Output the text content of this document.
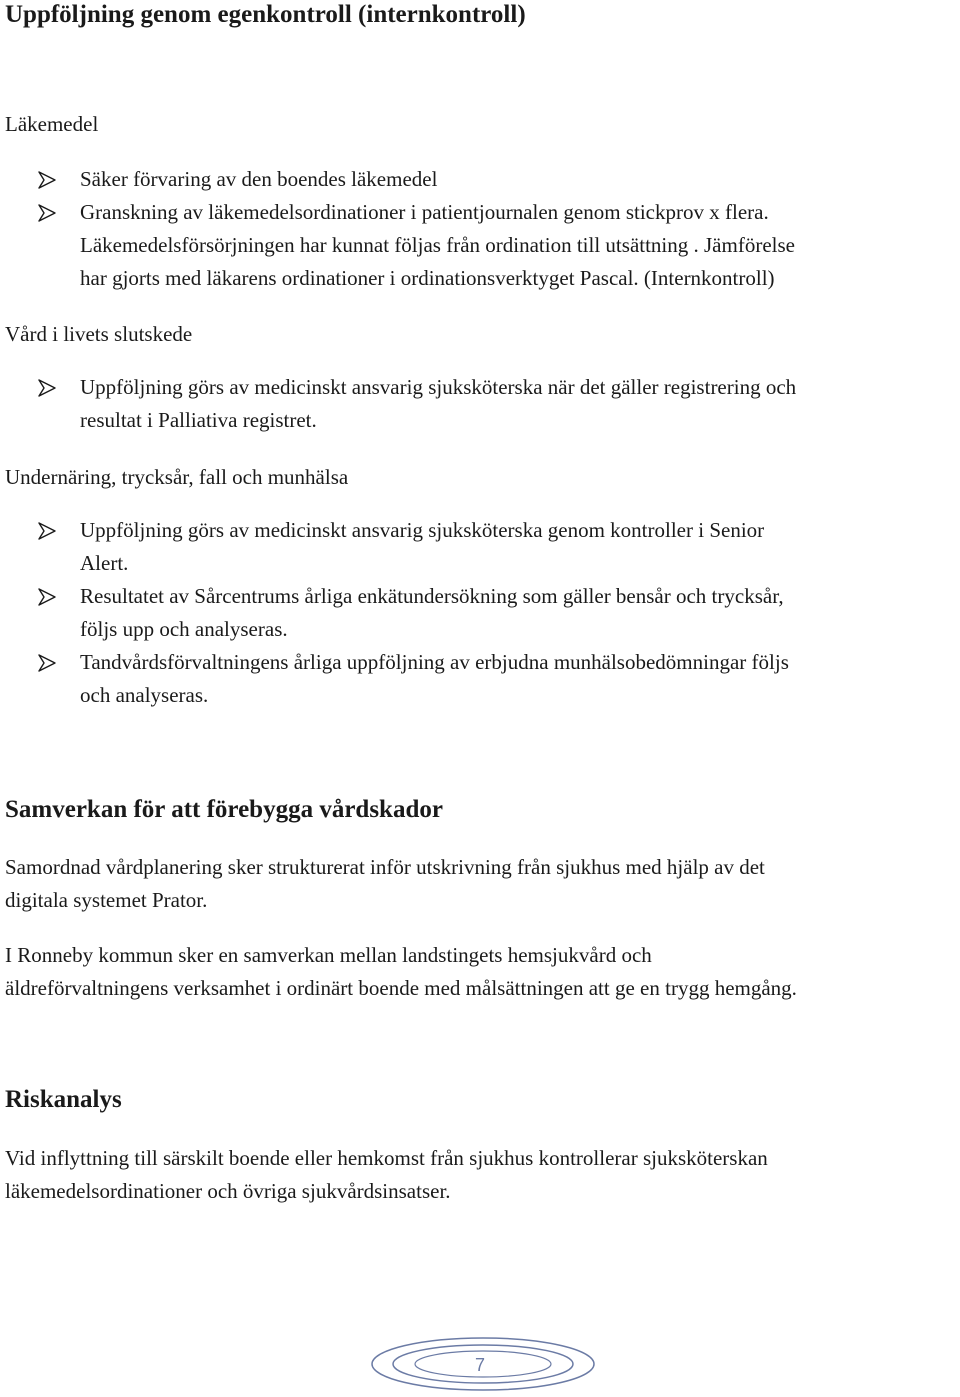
Uppföljning genom egenkontroll (internkontroll)
Läkemedel
Säker förvaring av den boendes läkemedel
Granskning av läkemedelsordinationer i patientjournalen genom stickprov x flera.
Läkemedelsförsörjningen har kunnat följas från ordination till utsättning . Jämförelse
har gjorts med läkarens ordinationer i ordinationsverktyget Pascal. (Internkontroll)
Vård i livets slutskede
Uppföljning görs av medicinskt ansvarig sjuksköterska när det gäller registrering och
resultat i Palliativa registret.
Undernäring, trycksår, fall och munhälsa
Uppföljning görs av medicinskt ansvarig sjuksköterska genom kontroller i Senior
Alert.
Resultatet av Sårcentrums årliga enkätundersökning som gäller bensår och trycksår,
följs upp och analyseras.
Tandvårdsförvaltningens årliga uppföljning av erbjudna munhälsobedömningar följs
och analyseras.
Samverkan för att förebygga vårdskador
Samordnad vårdplanering sker strukturerat inför utskrivning från sjukhus med hjälp av det
digitala systemet Prator.
I Ronneby kommun sker en samverkan mellan landstingets hemsjukvård och
äldreförvaltningens verksamhet i ordinärt boende med målsättningen att ge en trygg hemgång.
Riskanalys
Vid inflyttning till särskilt boende eller hemkomst från sjukhus kontrollerar sjuksköterskan
läkemedelsordinationer och övriga sjukvårdsinsatser.
7
